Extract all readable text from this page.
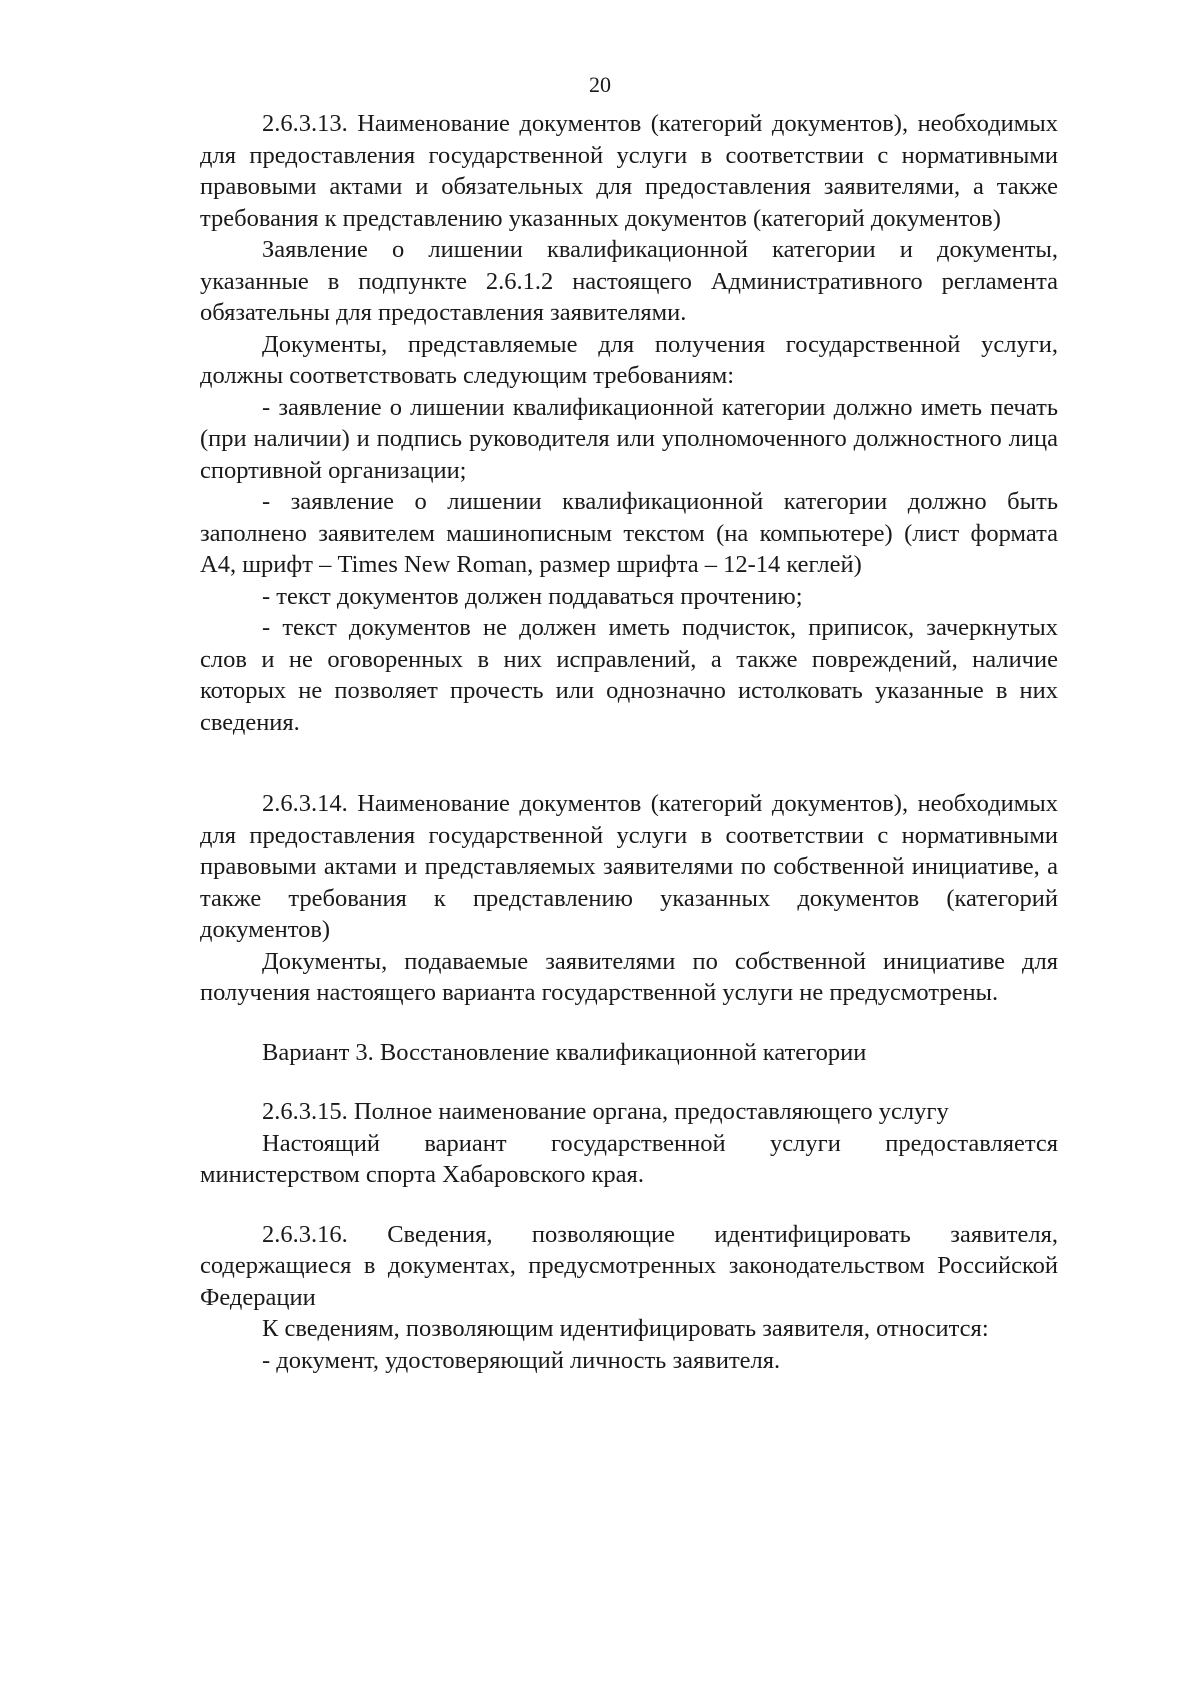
20

2.6.3.13. Наименование документов (категорий документов), необходимых для предоставления государственной услуги в соответствии с нормативными правовыми актами и обязательных для предоставления заявителями, а также требования к представлению указанных документов (категорий документов)

Заявление о лишении квалификационной категории и документы, указанные в подпункте 2.6.1.2 настоящего Административного регламента обязательны для предоставления заявителями.

Документы, представляемые для получения государственной услуги, должны соответствовать следующим требованиям:

- заявление о лишении квалификационной категории должно иметь печать (при наличии) и подпись руководителя или уполномоченного должностного лица спортивной организации;

- заявление о лишении квалификационной категории должно быть заполнено заявителем машинописным текстом (на компьютере) (лист формата А4, шрифт – Times New Roman, размер шрифта – 12-14 кеглей)

- текст документов должен поддаваться прочтению;

- текст документов не должен иметь подчисток, приписок, зачеркнутых слов и не оговоренных в них исправлений, а также повреждений, наличие которых не позволяет прочесть или однозначно истолковать указанные в них сведения.

2.6.3.14. Наименование документов (категорий документов), необходимых для предоставления государственной услуги в соответствии с нормативными правовыми актами и представляемых заявителями по собственной инициативе, а также требования к представлению указанных документов (категорий документов)

Документы, подаваемые заявителями по собственной инициативе для получения настоящего варианта государственной услуги не предусмотрены.

Вариант 3. Восстановление квалификационной категории

2.6.3.15. Полное наименование органа, предоставляющего услугу

Настоящий вариант государственной услуги предоставляется министерством спорта Хабаровского края.

2.6.3.16. Сведения, позволяющие идентифицировать заявителя, содержащиеся в документах, предусмотренных законодательством Российской Федерации

К сведениям, позволяющим идентифицировать заявителя, относится:

- документ, удостоверяющий личность заявителя.
